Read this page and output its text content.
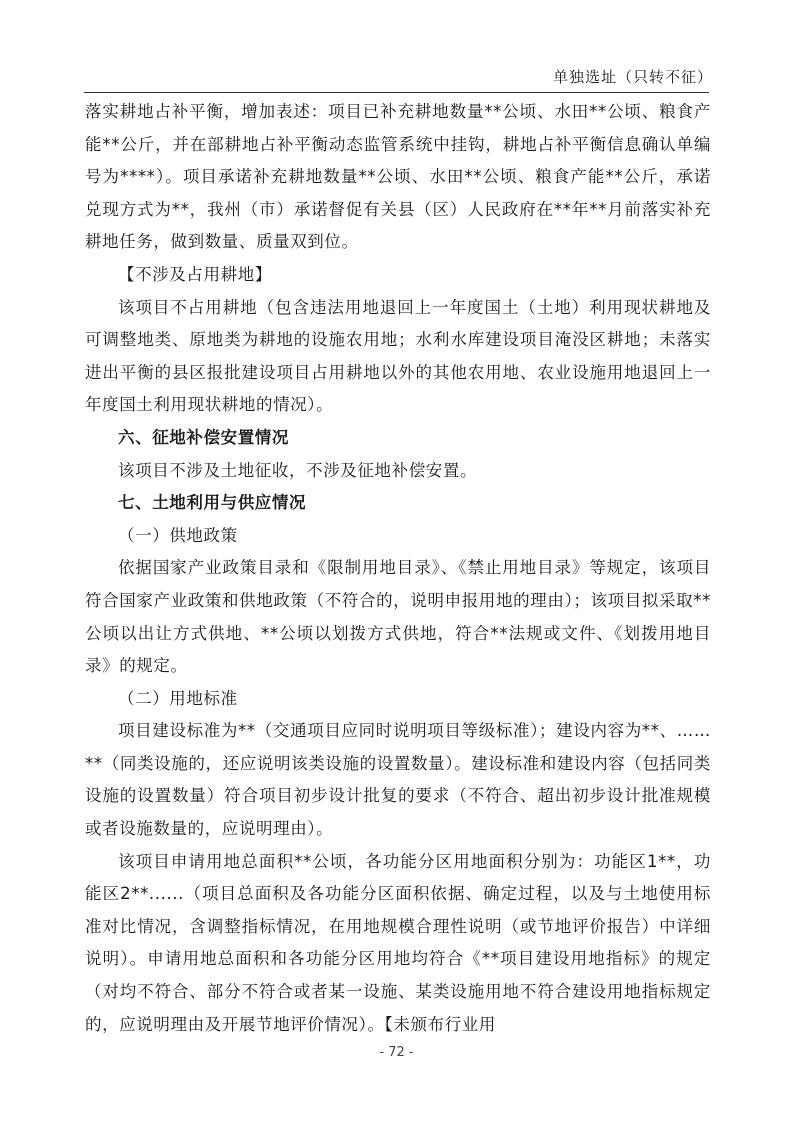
单独选址（只转不征）

落实耕地占补平衡，增加表述：项目已补充耕地数量**公顷、水田**公顷、粮食产能**公斤，并在部耕地占补平衡动态监管系统中挂钩，耕地占补平衡信息确认单编号为****）。项目承诺补充耕地数量**公顷、水田**公顷、粮食产能**公斤，承诺兑现方式为**，我州（市）承诺督促有关县（区）人民政府在**年**月前落实补充耕地任务，做到数量、质量双到位。

【不涉及占用耕地】

该项目不占用耕地（包含违法用地退回上一年度国土（土地）利用现状耕地及可调整地类、原地类为耕地的设施农用地；水利水库建设项目淹没区耕地；未落实进出平衡的县区报批建设项目占用耕地以外的其他农用地、农业设施用地退回上一年度国土利用现状耕地的情况）。

六、征地补偿安置情况

该项目不涉及土地征收，不涉及征地补偿安置。

七、土地利用与供应情况

（一）供地政策

依据国家产业政策目录和《限制用地目录》、《禁止用地目录》等规定，该项目符合国家产业政策和供地政策（不符合的，说明申报用地的理由）；该项目拟采取**公顷以出让方式供地、**公顷以划拨方式供地，符合**法规或文件、《划拨用地目录》的规定。

（二）用地标准

项目建设标准为**（交通项目应同时说明项目等级标准）；建设内容为**、……**（同类设施的，还应说明该类设施的设置数量）。建设标准和建设内容（包括同类设施的设置数量）符合项目初步设计批复的要求（不符合、超出初步设计批准规模或者设施数量的，应说明理由）。

该项目申请用地总面积**公顷，各功能分区用地面积分别为：功能区1**，功能区2**......（项目总面积及各功能分区面积依据、确定过程，以及与土地使用标准对比情况，含调整指标情况，在用地规模合理性说明（或节地评价报告）中详细说明）。申请用地总面积和各功能分区用地均符合《**项目建设用地指标》的规定（对均不符合、部分不符合或者某一设施、某类设施用地不符合建设用地指标规定的，应说明理由及开展节地评价情况）。【未颁布行业用

- 72 -
